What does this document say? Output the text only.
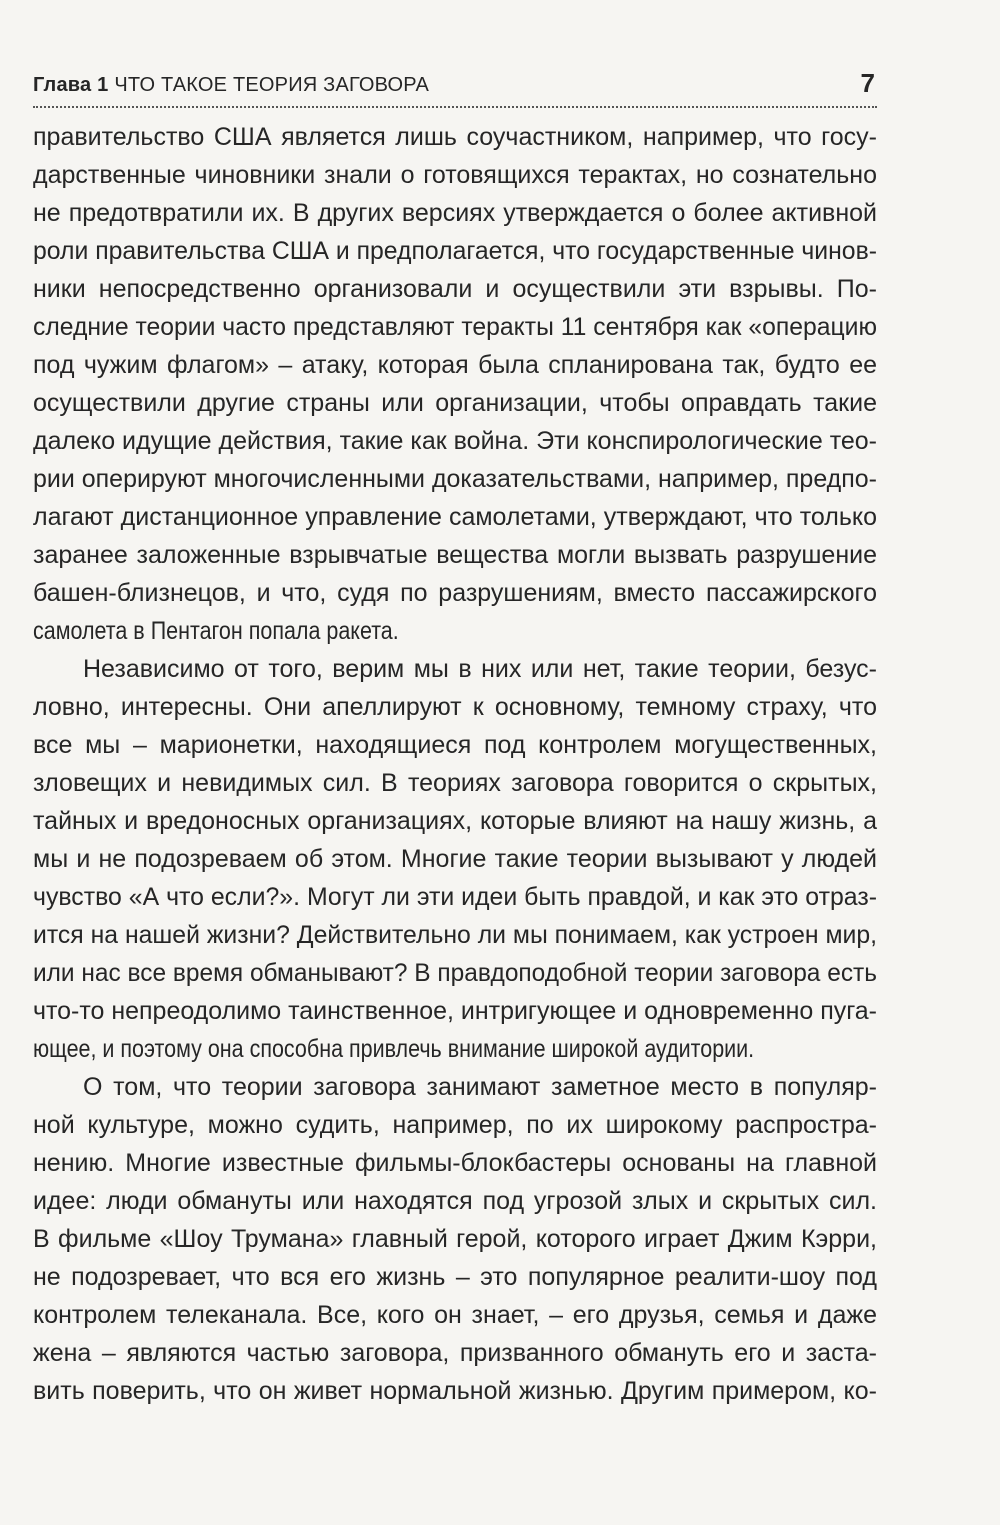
Глава 1 ЧТО ТАКОЕ ТЕОРИЯ ЗАГОВОРА	7
правительство США является лишь соучастником, например, что госу-
дарственные чиновники знали о готовящихся терактах, но сознательно
не предотвратили их. В других версиях утверждается о более активной
роли правительства США и предполагается, что государственные чинов-
ники непосредственно организовали и осуществили эти взрывы. По-
следние теории часто представляют теракты 11 сентября как «операцию
под чужим флагом» – атаку, которая была спланирована так, будто ее
осуществили другие страны или организации, чтобы оправдать такие
далеко идущие действия, такие как война. Эти конспирологические тео-
рии оперируют многочисленными доказательствами, например, предпо-
лагают дистанционное управление самолетами, утверждают, что только
заранее заложенные взрывчатые вещества могли вызвать разрушение
башен-близнецов, и что, судя по разрушениям, вместо пассажирского
самолета в Пентагон попала ракета.
Независимо от того, верим мы в них или нет, такие теории, безус-
ловно, интересны. Они апеллируют к основному, темному страху, что
все мы – марионетки, находящиеся под контролем могущественных,
зловещих и невидимых сил. В теориях заговора говорится о скрытых,
тайных и вредоносных организациях, которые влияют на нашу жизнь, а
мы и не подозреваем об этом. Многие такие теории вызывают у людей
чувство «А что если?». Могут ли эти идеи быть правдой, и как это отраз-
ится на нашей жизни? Действительно ли мы понимаем, как устроен мир,
или нас все время обманывают? В правдоподобной теории заговора есть
что-то непреодолимо таинственное, интригующее и одновременно пуга-
ющее, и поэтому она способна привлечь внимание широкой аудитории.
О том, что теории заговора занимают заметное место в популяр-
ной культуре, можно судить, например, по их широкому распростра-
нению. Многие известные фильмы-блокбастеры основаны на главной
идее: люди обмануты или находятся под угрозой злых и скрытых сил.
В фильме «Шоу Трумана» главный герой, которого играет Джим Кэрри,
не подозревает, что вся его жизнь – это популярное реалити-шоу под
контролем телеканала. Все, кого он знает, – его друзья, семья и даже
жена – являются частью заговора, призванного обмануть его и заста-
вить поверить, что он живет нормальной жизнью. Другим примером, ко-
